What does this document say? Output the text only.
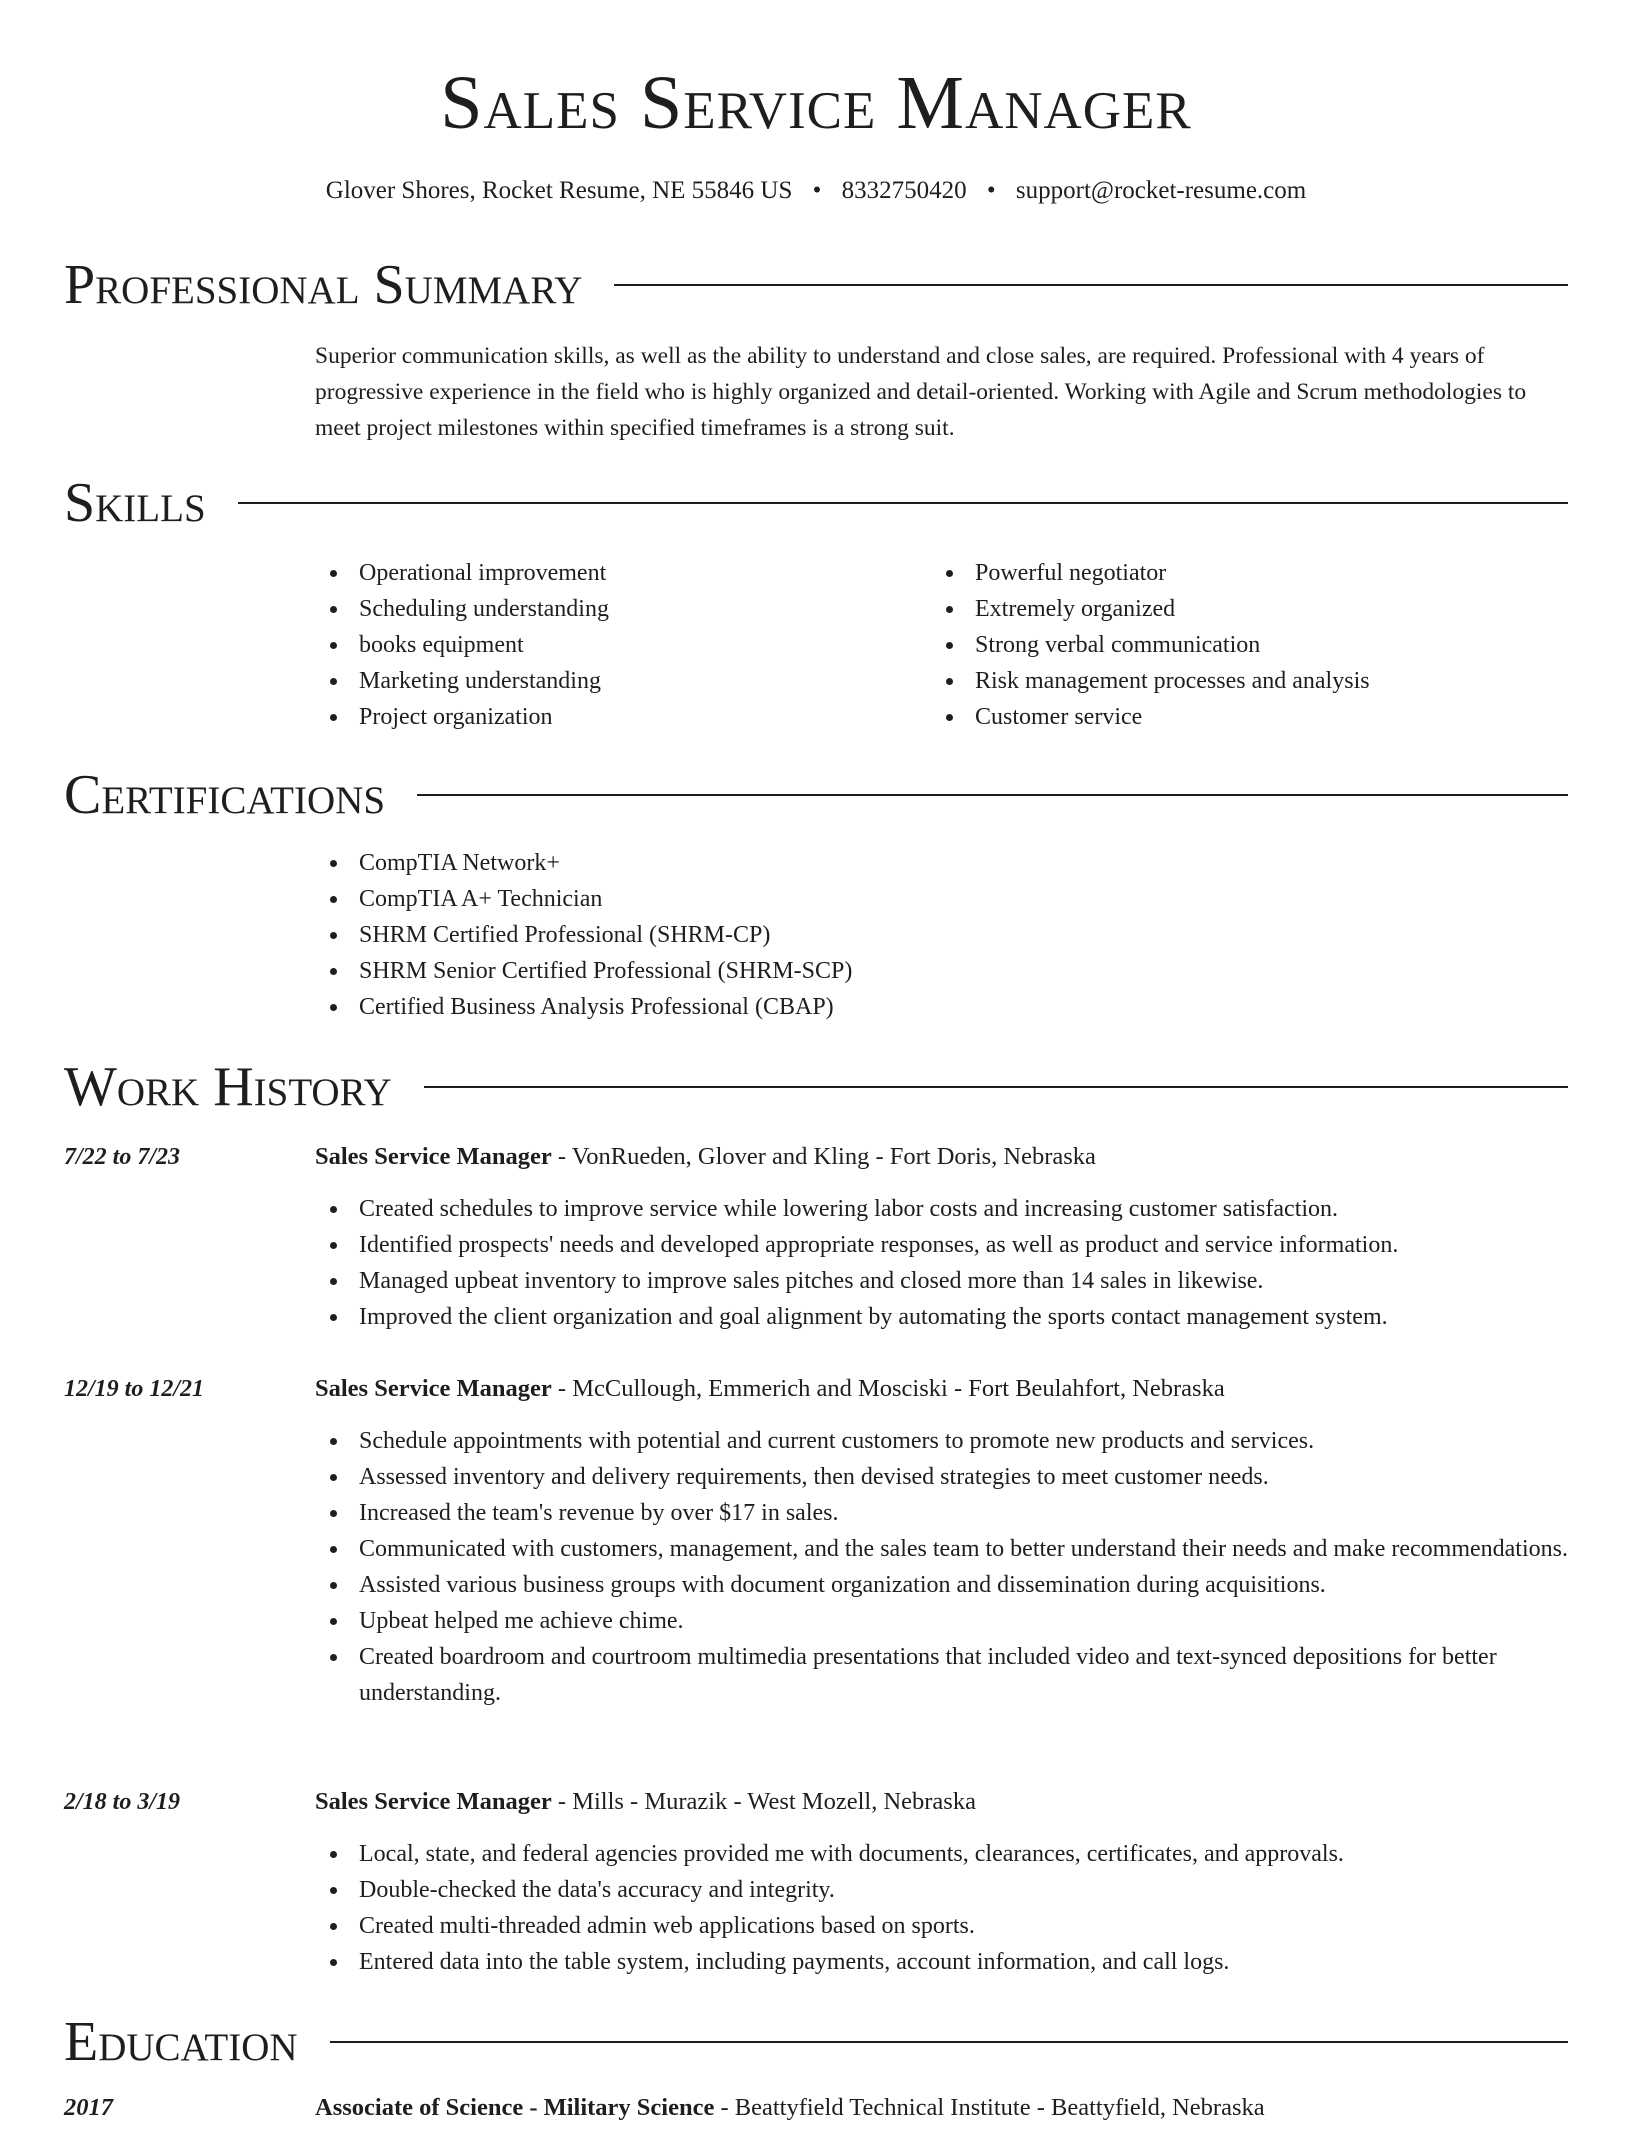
Sales Service Manager
Glover Shores, Rocket Resume, NE 55846 US • 8332750420 • support@rocket-resume.com
Professional Summary

Superior communication skills, as well as the ability to understand and close sales, are required. Professional with 4 years of progressive experience in the field who is highly organized and detail-oriented. Working with Agile and Scrum methodologies to meet project milestones within specified timeframes is a strong suit.

Skills
Operational improvement
Scheduling understanding
books equipment
Marketing understanding
Project organization
Powerful negotiator
Extremely organized
Strong verbal communication
Risk management processes and analysis
Customer service
Certifications
CompTIA Network+
CompTIA A+ Technician
SHRM Certified Professional (SHRM-CP)
SHRM Senior Certified Professional (SHRM-SCP)
Certified Business Analysis Professional (CBAP)
Work History
7/22 to 7/23	Sales Service Manager - VonRueden, Glover and Kling - Fort Doris, Nebraska
Created schedules to improve service while lowering labor costs and increasing customer satisfaction.
Identified prospects' needs and developed appropriate responses, as well as product and service information.
Managed upbeat inventory to improve sales pitches and closed more than 14 sales in likewise.
Improved the client organization and goal alignment by automating the sports contact management system.
12/19 to 12/21	Sales Service Manager - McCullough, Emmerich and Mosciski - Fort Beulahfort, Nebraska
Schedule appointments with potential and current customers to promote new products and services.
Assessed inventory and delivery requirements, then devised strategies to meet customer needs.
Increased the team's revenue by over $17 in sales.
Communicated with customers, management, and the sales team to better understand their needs and make recommendations.
Assisted various business groups with document organization and dissemination during acquisitions.
Upbeat helped me achieve chime.
Created boardroom and courtroom multimedia presentations that included video and text-synced depositions for better understanding.
2/18 to 3/19	Sales Service Manager - Mills - Murazik - West Mozell, Nebraska
Local, state, and federal agencies provided me with documents, clearances, certificates, and approvals.
Double-checked the data's accuracy and integrity.
Created multi-threaded admin web applications based on sports.
Entered data into the table system, including payments, account information, and call logs.
Education
2017	Associate of Science - Military Science - Beattyfield Technical Institute - Beattyfield, Nebraska
